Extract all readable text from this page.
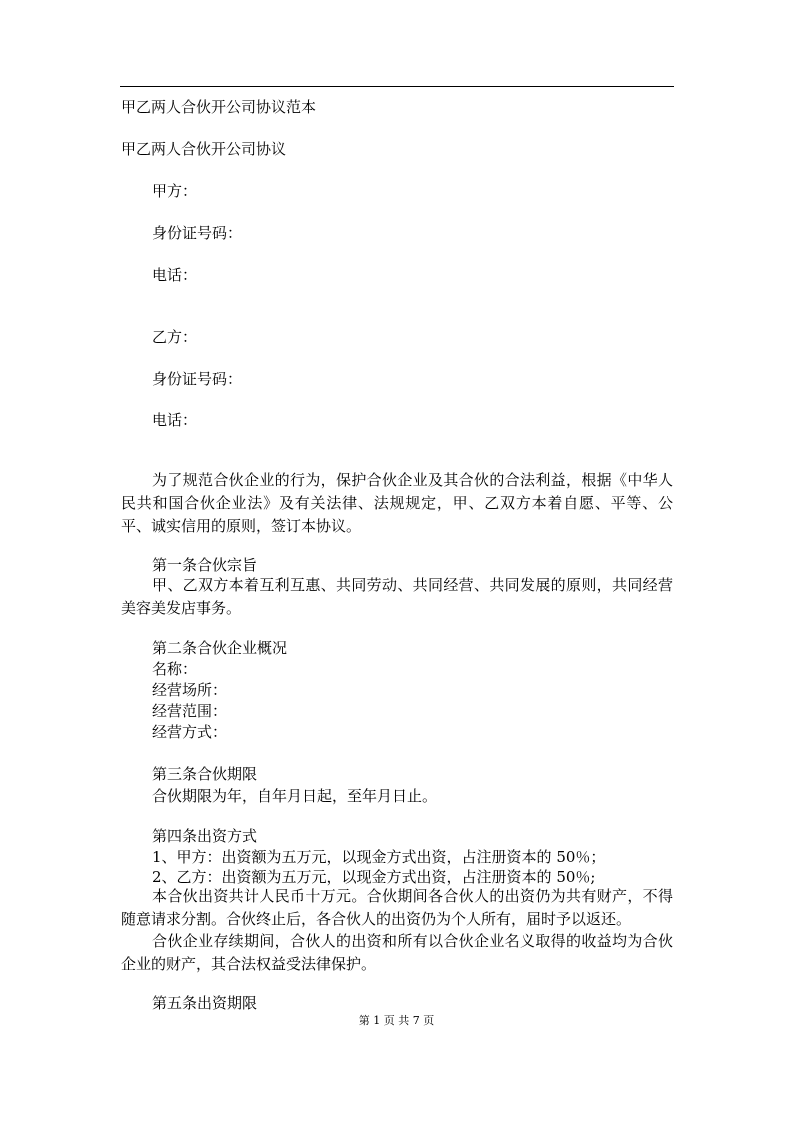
甲乙两人合伙开公司协议范本
甲乙两人合伙开公司协议
甲方：
身份证号码：
电话：
乙方：
身份证号码：
电话：
为了规范合伙企业的行为，保护合伙企业及其合伙的合法利益，根据《中华人民共和国合伙企业法》及有关法律、法规规定，甲、乙双方本着自愿、平等、公平、诚实信用的原则，签订本协议。
第一条合伙宗旨
甲、乙双方本着互利互惠、共同劳动、共同经营、共同发展的原则，共同经营美容美发店事务。
第二条合伙企业概况
名称：
经营场所：
经营范围：
经营方式：
第三条合伙期限
合伙期限为年，自年月日起，至年月日止。
第四条出资方式
1、甲方：出资额为五万元，以现金方式出资，占注册资本的 50％；
2、乙方：出资额为五万元，以现金方式出资，占注册资本的 50％;
本合伙出资共计人民币十万元。合伙期间各合伙人的出资仍为共有财产，不得随意请求分割。合伙终止后，各合伙人的出资仍为个人所有，届时予以返还。
合伙企业存续期间，合伙人的出资和所有以合伙企业名义取得的收益均为合伙企业的财产，其合法权益受法律保护。
第五条出资期限
第 1 页 共 7 页
